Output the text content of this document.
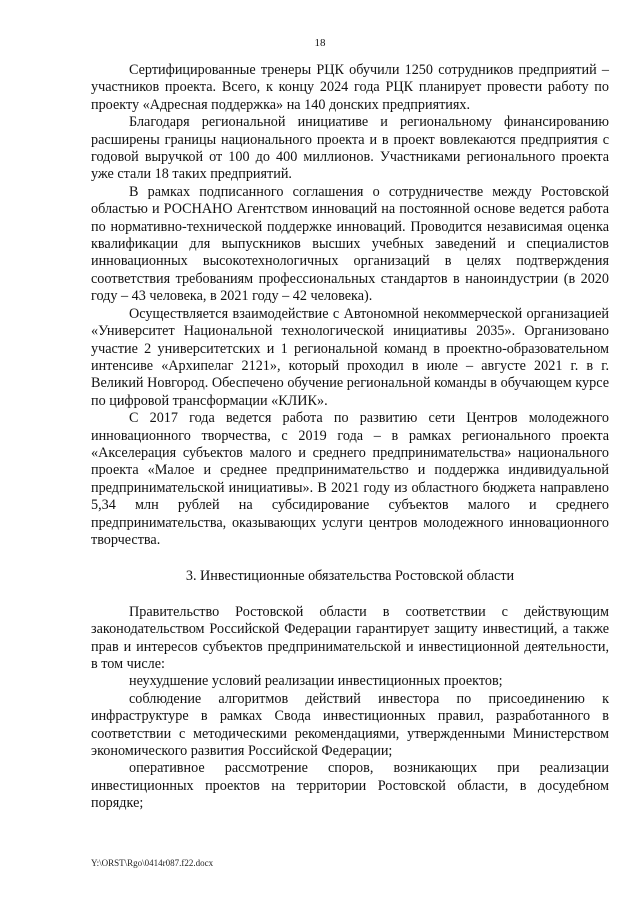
18

Сертифицированные тренеры РЦК обучили 1250 сотрудников предприятий – участников проекта. Всего, к концу 2024 года РЦК планирует провести работу по проекту «Адресная поддержка» на 140 донских предприятиях.

Благодаря региональной инициативе и региональному финансированию расширены границы национального проекта и в проект вовлекаются предприятия с годовой выручкой от 100 до 400 миллионов. Участниками регионального проекта уже стали 18 таких предприятий.

В рамках подписанного соглашения о сотрудничестве между Ростовской областью и РОСНАНО Агентством инноваций на постоянной основе ведется работа по нормативно-технической поддержке инноваций. Проводится независимая оценка квалификации для выпускников высших учебных заведений и специалистов инновационных высокотехнологичных организаций в целях подтверждения соответствия требованиям профессиональных стандартов в наноиндустрии (в 2020 году – 43 человека, в 2021 году – 42 человека).

Осуществляется взаимодействие с Автономной некоммерческой организацией «Университет Национальной технологической инициативы 2035». Организовано участие 2 университетских и 1 региональной команд в проектно-образовательном интенсиве «Архипелаг 2121», который проходил в июле – августе 2021 г. в г. Великий Новгород. Обеспечено обучение региональной команды в обучающем курсе по цифровой трансформации «КЛИК».

С 2017 года ведется работа по развитию сети Центров молодежного инновационного творчества, с 2019 года – в рамках регионального проекта «Акселерация субъектов малого и среднего предпринимательства» национального проекта «Малое и среднее предпринимательство и поддержка индивидуальной предпринимательской инициативы». В 2021 году из областного бюджета направлено 5,34 млн рублей на субсидирование субъектов малого и среднего предпринимательства, оказывающих услуги центров молодежного инновационного творчества.

3. Инвестиционные обязательства Ростовской области

Правительство Ростовской области в соответствии с действующим законодательством Российской Федерации гарантирует защиту инвестиций, а также прав и интересов субъектов предпринимательской и инвестиционной деятельности, в том числе:

неухудшение условий реализации инвестиционных проектов;

соблюдение алгоритмов действий инвестора по присоединению к инфраструктуре в рамках Свода инвестиционных правил, разработанного в соответствии с методическими рекомендациями, утвержденными Министерством экономического развития Российской Федерации;

оперативное рассмотрение споров, возникающих при реализации инвестиционных проектов на территории Ростовской области, в досудебном порядке;

Y:\ORST\Rgo\0414r087.f22.docx
